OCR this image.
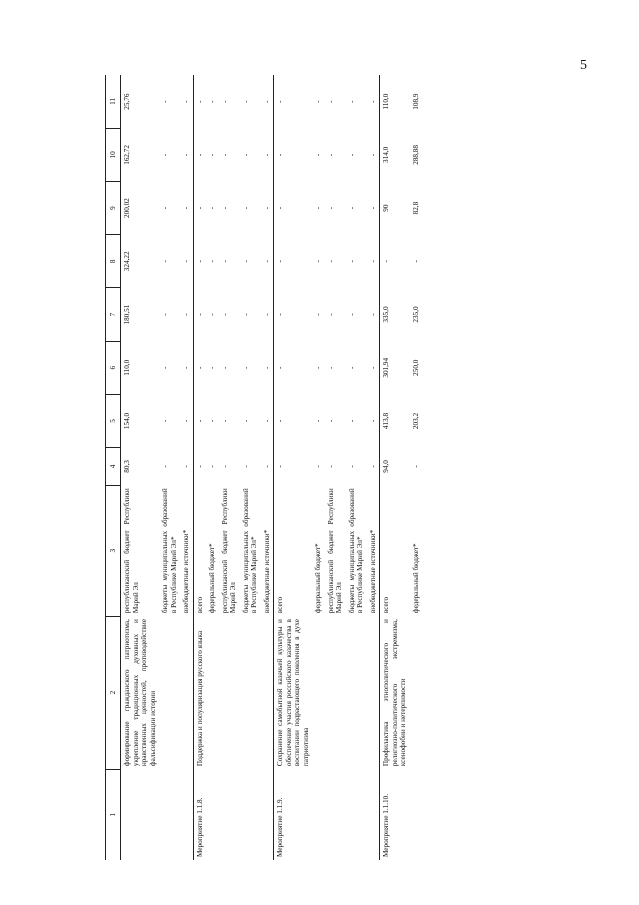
5
1	2	3	4	5	6	7	8	9	10	11
	формирование гражданского патриотизма, укрепление традиционных духовных и нравственных ценностей, противодействие фальсификации истории	республиканский бюджет Республики Марий Эл	80,3	154,0	110,0	180,51	324,22	200,02	162,72	25,76
		бюджеты муниципальных образований в Республике Марий Эл*	-	-	-	-	-	-	-	-
		внебюджетные источники*	-	-	-	-	-	-	-	-
Мероприятие 1.1.8.	Поддержка и популяризация русского языка	всего	-	-	-	-	-	-	-	-
		федеральный бюджет*	-	-	-	-	-	-	-	-
		республиканский бюджет Республики Марий Эл	-	-	-	-	-	-	-	-
		бюджеты муниципальных образований в Республике Марий Эл*	-	-	-	-	-	-	-	-
		внебюджетные источники*	-	-	-	-	-	-	-	-
Мероприятие 1.1.9.	Сохранение самобытной казачьей культуры и обеспечение участия российского казачества в воспитании подрастающего поколения в духе патриотизма	всего	-	-	-	-	-	-	-	-
		федеральный бюджет*	-	-	-	-	-	-	-	-
		республиканский бюджет Республики Марий Эл	-	-	-	-	-	-	-	-
		бюджеты муниципальных образований в Республике Марий Эл*	-	-	-	-	-	-	-	-
		внебюджетные источники*	-	-	-	-	-	-	-	-
Мероприятие 1.1.10.	Профилактика этнополитического и религиозно-политического экстремизма, ксенофобии и нетерпимости	всего	94,0	413,8	301,94	335,0	-	90	314,0	110,0
		федеральный бюджет*	-	203,2	250,0	235,0	-	82,8	288,88	108,9
